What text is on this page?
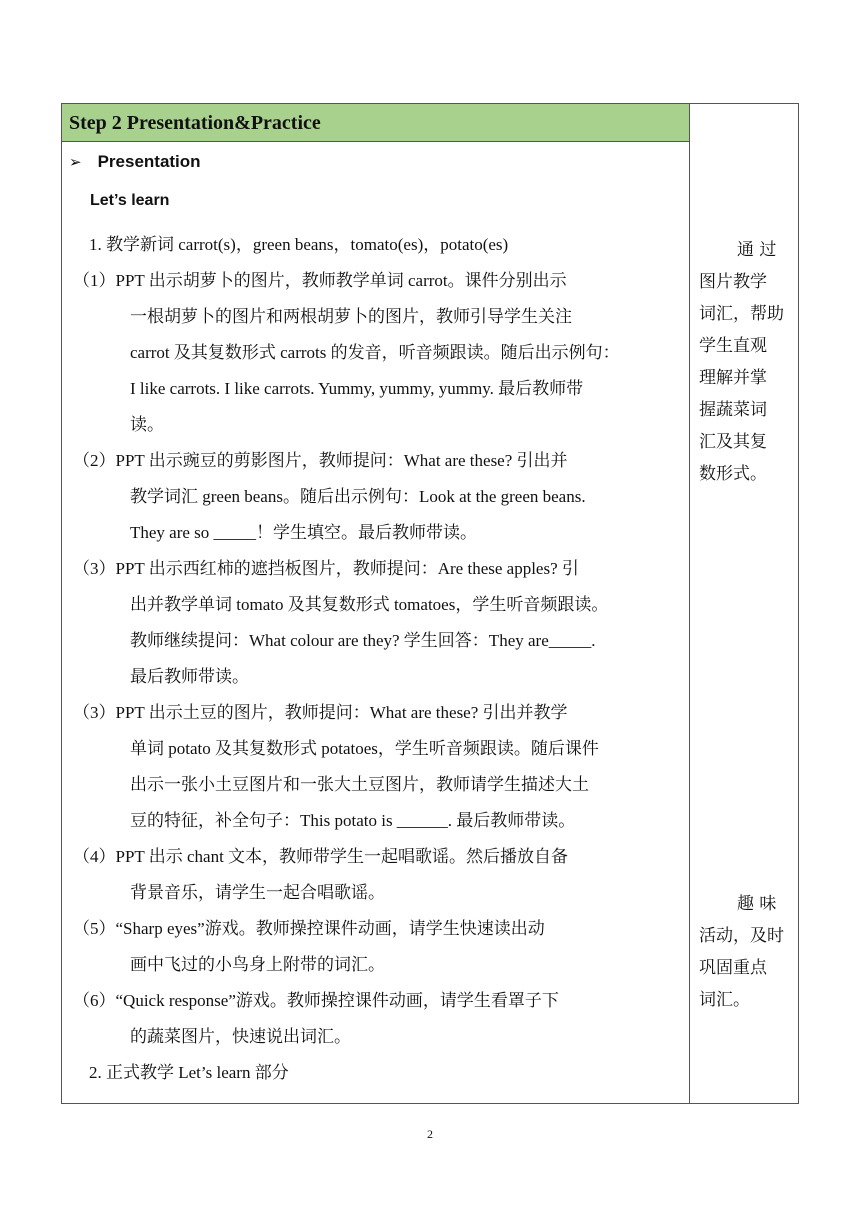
Step 2 Presentation&Practice
➢ Presentation
Let’s learn
1. 教学新词 carrot(s)，green beans，tomato(es)，potato(es)
（1）PPT 出示胡萝卜的图片，教师教学单词 carrot。课件分别出示
一根胡萝卜的图片和两根胡萝卜的图片，教师引导学生关注
carrot 及其复数形式 carrots 的发音，听音频跟读。随后出示例句：
I like carrots. I like carrots. Yummy, yummy, yummy. 最后教师带
读。
（2）PPT 出示豌豆的剪影图片，教师提问：What are these? 引出并
教学词汇 green beans。随后出示例句：Look at the green beans.
They are so _____！学生填空。最后教师带读。
（3）PPT 出示西红柿的遮挡板图片，教师提问：Are these apples? 引
出并教学单词 tomato 及其复数形式 tomatoes，学生听音频跟读。
教师继续提问：What colour are they? 学生回答：They are_____.
最后教师带读。
（3）PPT 出示土豆的图片，教师提问：What are these? 引出并教学
单词 potato 及其复数形式 potatoes，学生听音频跟读。随后课件
出示一张小土豆图片和一张大土豆图片，教师请学生描述大土
豆的特征，补全句子：This potato is ______. 最后教师带读。
（4）PPT 出示 chant 文本，教师带学生一起唱歌谣。然后播放自备
背景音乐，请学生一起合唱歌谣。
（5）“Sharp eyes”游戏。教师操控课件动画，请学生快速读出动
画中飞过的小鸟身上附带的词汇。
（6）“Quick response”游戏。教师操控课件动画，请学生看罩子下
的蔬菜图片，快速说出词汇。
2. 正式教学 Let’s learn 部分
通 过
图片教学
词汇，帮助
学生直观
理解并掌
握蔬菜词
汇及其复
数形式。
趣 味
活动，及时
巩固重点
词汇。
2
